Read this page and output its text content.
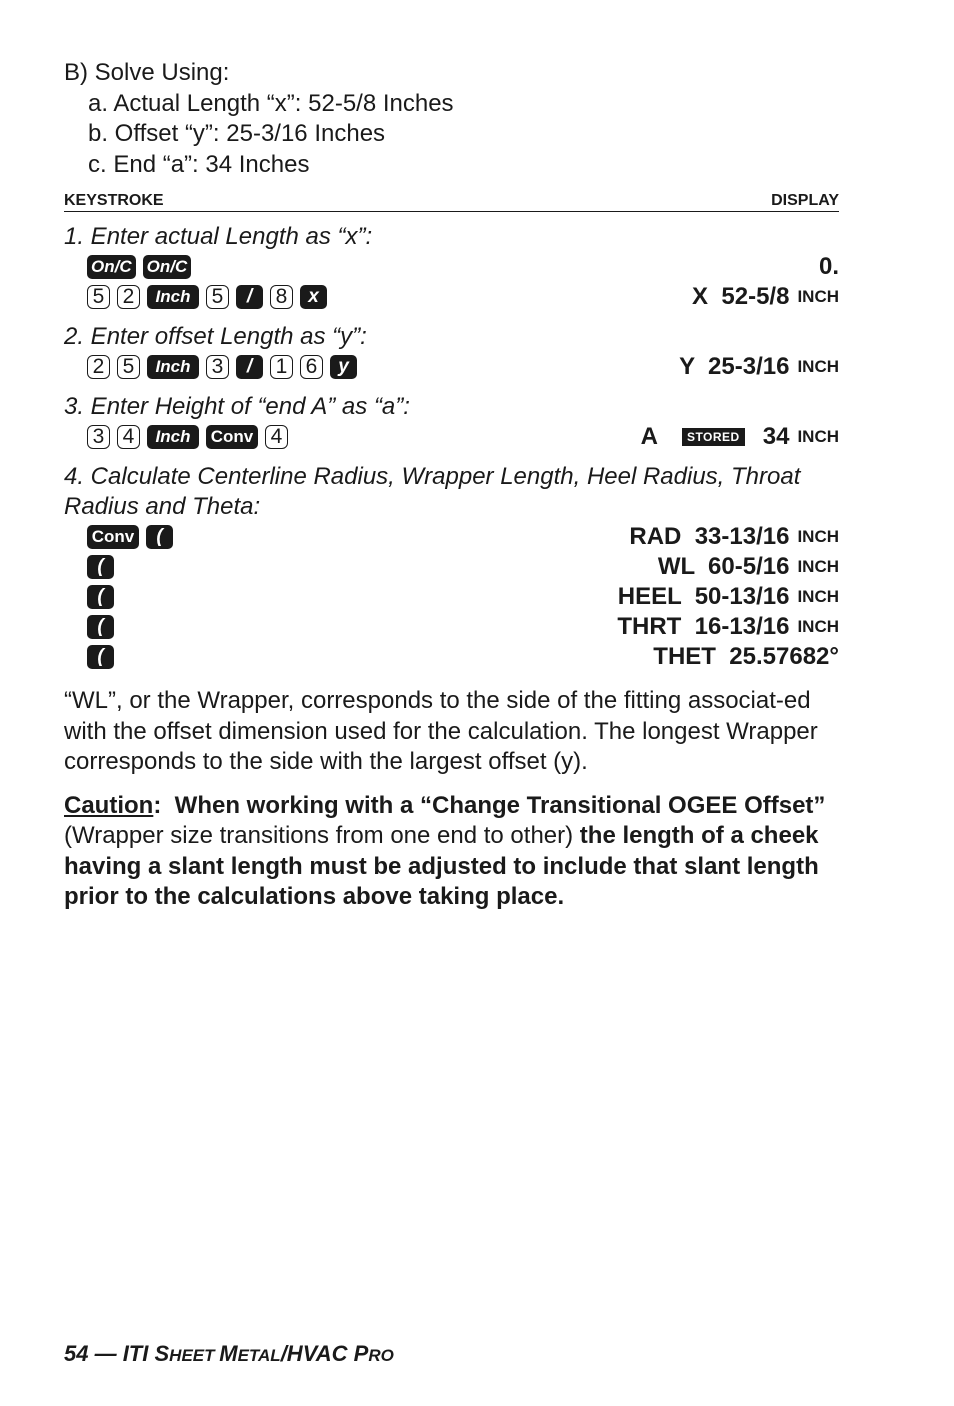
B) Solve Using:
a. Actual Length “x”: 52-5/8 Inches
b. Offset “y”: 25-3/16 Inches
c. End “a”: 34 Inches
KEYSTROKE	DISPLAY
1. Enter actual Length as “x”:
On/C On/C	0.
5 2	Inch	5	/	8	x	X  52-5/8 INCH
2. Enter offset Length as “y”:
2 5	Inch	3	/	1 6	y	Y  25-3/16 INCH
3. Enter Height of “end A” as “a”:
3 4	Inch	Conv 4	A	STORED 34 INCH
4. Calculate Centerline Radius, Wrapper Length, Heel Radius, Throat Radius and Theta:
Conv	(	RAD  33-13/16 INCH
(	WL  60-5/16 INCH
(	HEEL  50-13/16 INCH
(	THRT  16-13/16 INCH
(	THET  25.57682°
“WL”, or the Wrapper, corresponds to the side of the fitting associat-ed with the offset dimension used for the calculation. The longest Wrapper corresponds to the side with the largest offset (y).
Caution: When working with a “Change Transitional OGEE Offset” (Wrapper size transitions from one end to other) the length of a cheek having a slant length must be adjusted to include that slant length prior to the calculations above taking place.
54 — ITI SHEET METAL/HVAC PRO
